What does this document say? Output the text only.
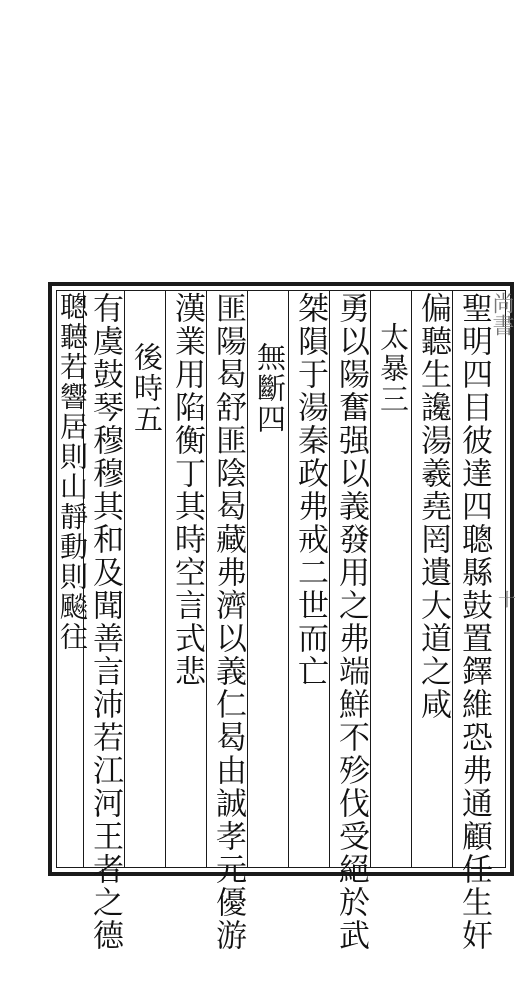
尚書
十
聖明四目彼達四聰縣鼓置鐸維恐弗通顧任生奸
偏聽生讒湯羲堯罔遺大道之咸
太暴三
勇以陽奮强以義發用之弗端鮮不殄伐受絕於武
桀隕于湯秦政弗戒二世而亡
無斷四
匪陽曷舒匪陰曷藏弗濟以義仁曷由誠孝元優游
漢業用陷衡丁其時空言式悲
後時五
有虞鼓琴穆穆其和及聞善言沛若江河王者之德
聰聽若響居則山靜動則飈往
